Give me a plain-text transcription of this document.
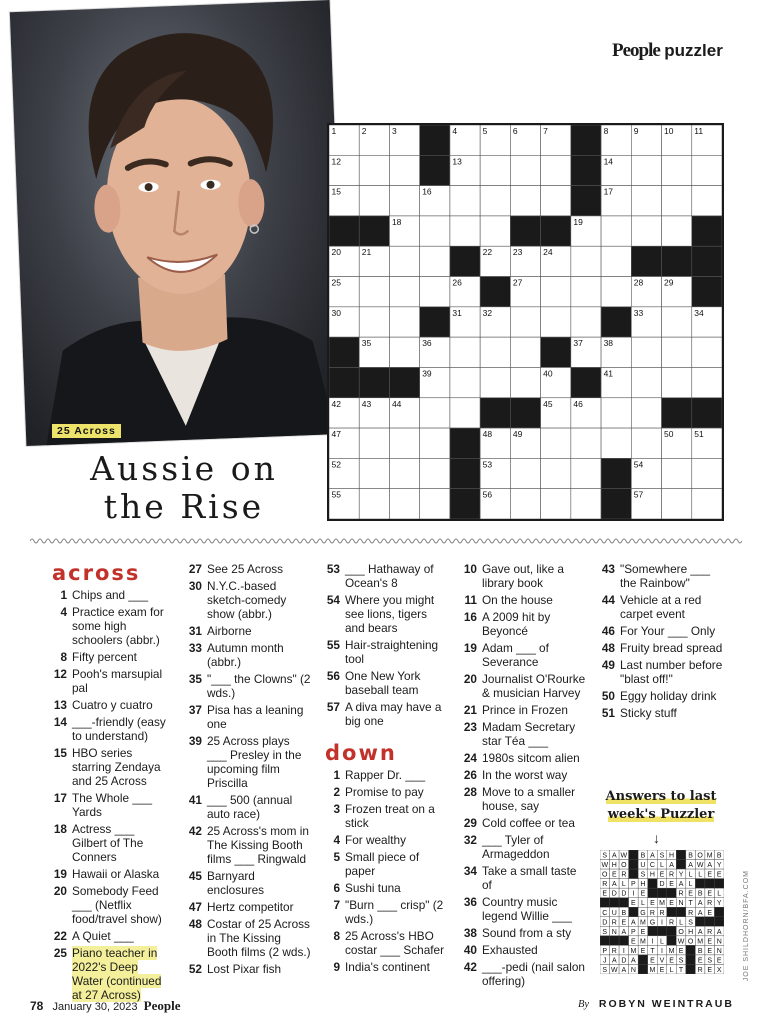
People puzzler
25 Across
Aussie on
the Rise
1	2	3	4	5	6	7	8	9	10 11
12	13	14
15	16	17
18	19
20 21	22 23 24
25	26	27	28 29
30	31 32	33	34
35	36	37 38
39	40	41
42 43 44	45 46
47	48 49	50 51
52	53	54
55	56	57
across
1 Chips and ___
4 Practice exam for some high schoolers (abbr.)
8 Fifty percent
12 Pooh's marsupial pal
13 Cuatro y cuatro
14 ___-friendly (easy to understand)
15 HBO series starring Zendaya and 25 Across
17 The Whole ___ Yards
18 Actress ___ Gilbert of The Conners
19 Hawaii or Alaska
20 Somebody Feed ___ (Netflix food/travel show)
22 A Quiet ___
25 Piano teacher in 2022's Deep Water (continued at 27 Across)
27 See 25 Across
30 N.Y.C.-based sketch-comedy show (abbr.)
31 Airborne
33 Autumn month (abbr.)
35 "___ the Clowns" (2 wds.)
37 Pisa has a leaning one
39 25 Across plays ___ Presley in the upcoming film Priscilla
41 ___ 500 (annual auto race)
42 25 Across's mom in The Kissing Booth films ___ Ringwald
45 Barnyard enclosures
47 Hertz competitor
48 Costar of 25 Across in The Kissing Booth films (2 wds.)
52 Lost Pixar fish
53 ___ Hathaway of Ocean's 8
54 Where you might see lions, tigers and bears
55 Hair-straightening tool
56 One New York baseball team
57 A diva may have a big one
down
1 Rapper Dr. ___
2 Promise to pay
3 Frozen treat on a stick
4 For wealthy
5 Small piece of paper
6 Sushi tuna
7 "Burn ___ crisp" (2 wds.)
8 25 Across's HBO costar ___ Schafer
9 India's continent
10 Gave out, like a library book
11 On the house
16 A 2009 hit by Beyoncé
19 Adam ___ of Severance
20 Journalist O'Rourke & musician Harvey
21 Prince in Frozen
23 Madam Secretary star Téa ___
24 1980s sitcom alien
26 In the worst way
28 Move to a smaller house, say
29 Cold coffee or tea
32 ___ Tyler of Armageddon
34 Take a small taste of
36 Country music legend Willie ___
38 Sound from a sty
40 Exhausted
42 ___-pedi (nail salon offering)
43 "Somewhere ___ the Rainbow"
44 Vehicle at a red carpet event
46 For Your ___ Only
48 Fruity bread spread
49 Last number before "blast off!"
50 Eggy holiday drink
51 Sticky stuff
Answers to last
week's Puzzler
↓
S A W B A S H B O M B
W H O U C L A A W A Y
O E R S H E R Y L L E E
R A L P H D E A L
E D D I E	R E B E L
E L E M E N T A R Y
C U B G R R	R A E
D R E A M G I R L S
S N A P E	O H A R A
E M I L W O M E N
P R I M E T I M E B E N
J A D A E V E S E S E
S W A N M E L T R E X
78 January 30, 2023 People	By ROBYN WEINTRAUB
JOE SHILDHORN/BFA.COM
